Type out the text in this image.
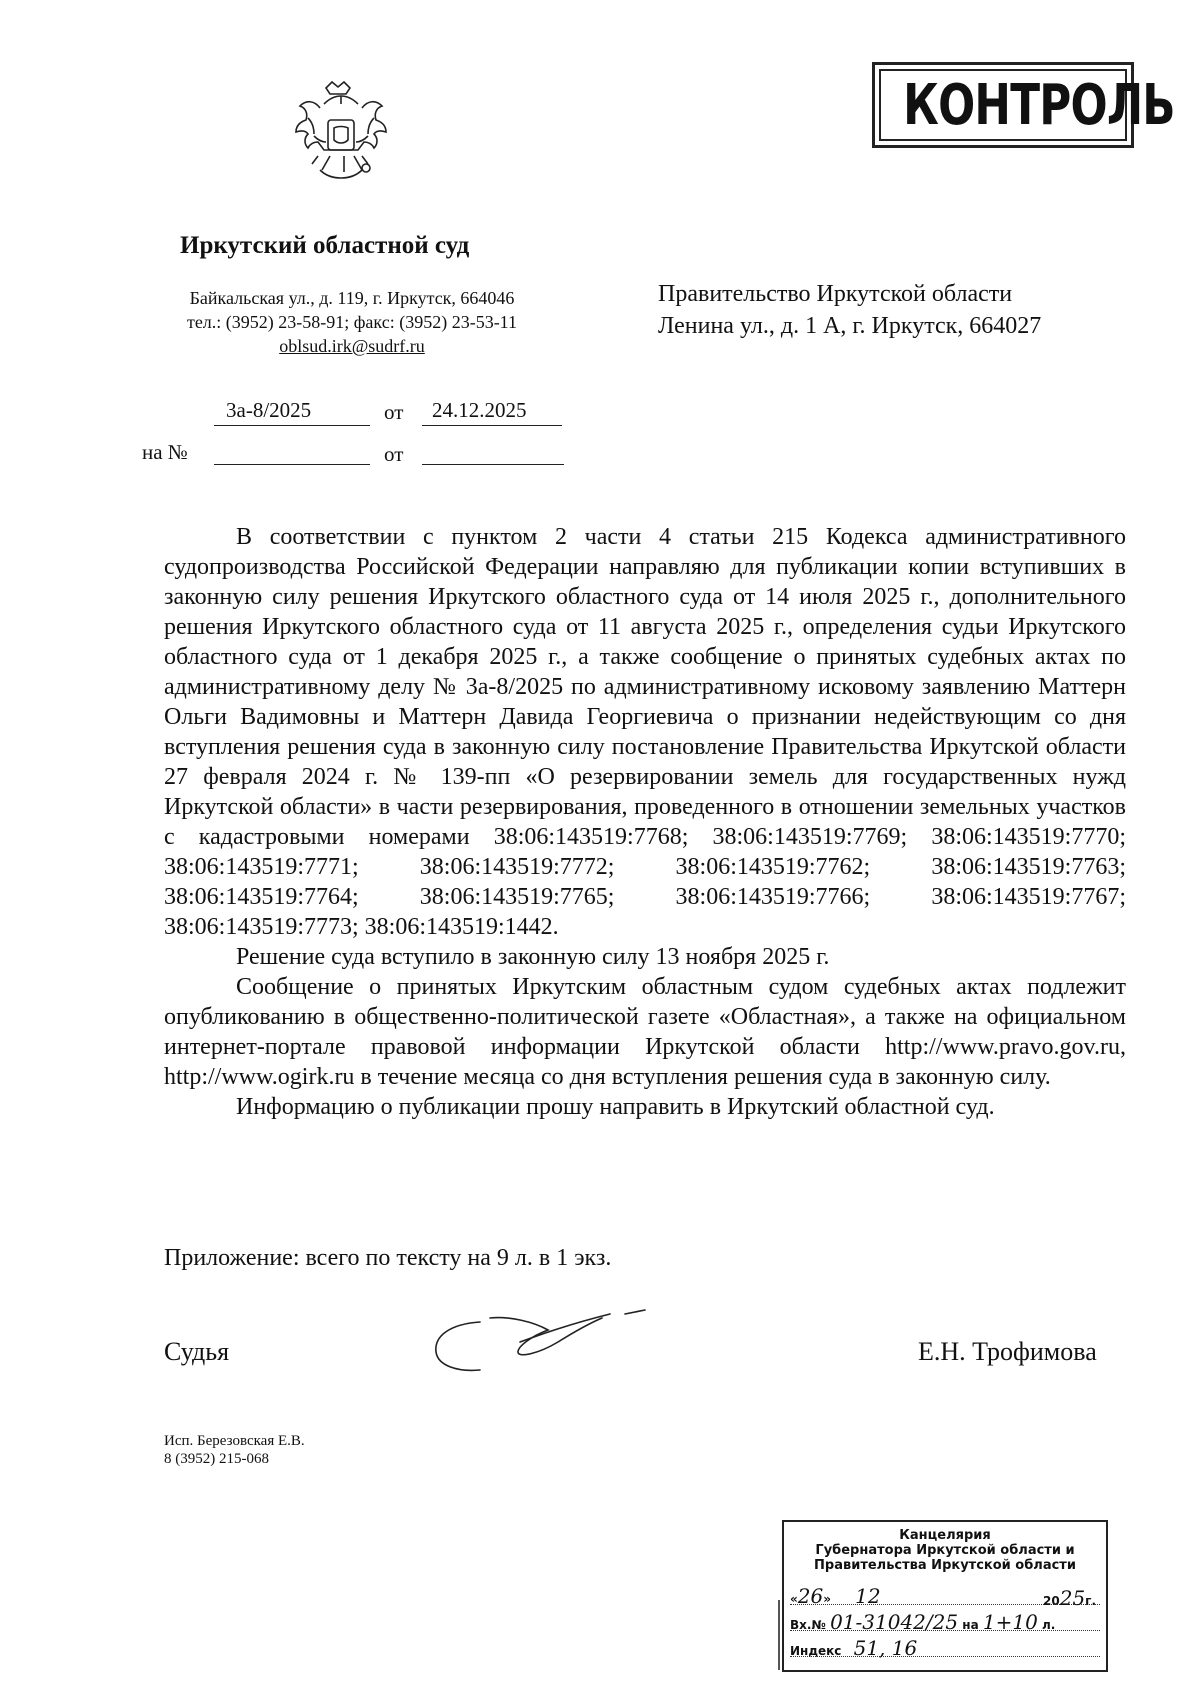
КОНТРОЛЬ
Иркутский областной суд
Байкальская ул., д. 119, г. Иркутск, 664046
тел.: (3952) 23-58-91; факс: (3952) 23-53-11
oblsud.irk@sudrf.ru
Правительство Иркутской области
Ленина ул., д. 1 А, г. Иркутск, 664027
3а-8/2025	от	24.12.2025
на №	от

В соответствии с пунктом 2 части 4 статьи 215 Кодекса административного судопроизводства Российской Федерации направляю для публикации копии вступивших в законную силу решения Иркутского областного суда от 14 июля 2025 г., дополнительного решения Иркутского областного суда от 11 августа 2025 г., определения судьи Иркутского областного суда от 1 декабря 2025 г., а также сообщение о принятых судебных актах по административному делу № 3а-8/2025 по административному исковому заявлению Маттерн Ольги Вадимовны и Маттерн Давида Георгиевича о признании недействующим со дня вступления решения суда в законную силу постановление Правительства Иркутской области 27 февраля 2024 г. № 139-пп «О резервировании земель для государственных нужд Иркутской области» в части резервирования, проведенного в отношении земельных участков с кадастровыми номерами 38:06:143519:7768; 38:06:143519:7769; 38:06:143519:7770; 38:06:143519:7771; 38:06:143519:7772; 38:06:143519:7762; 38:06:143519:7763; 38:06:143519:7764; 38:06:143519:7765; 38:06:143519:7766; 38:06:143519:7767; 38:06:143519:7773; 38:06:143519:1442.

Решение суда вступило в законную силу 13 ноября 2025 г.

Сообщение о принятых Иркутским областным судом судебных актах подлежит опубликованию в общественно-политической газете «Областная», а также на официальном интернет-портале правовой информации Иркутской области http://www.pravo.gov.ru, http://www.ogirk.ru в течение месяца со дня вступления решения суда в законную силу.

Информацию о публикации прошу направить в Иркутский областной суд.

Приложение: всего по тексту на 9 л. в 1 экз.
Судья	Е.Н. Трофимова
Исп. Березовская Е.В.
8 (3952) 215-068
Канцелярия
Губернатора Иркутской области и
Правительства Иркутской области
«26» 12	2025г.
Вх.№ 01-31042/25 на 1+10 л.
Индекс 51, 16
